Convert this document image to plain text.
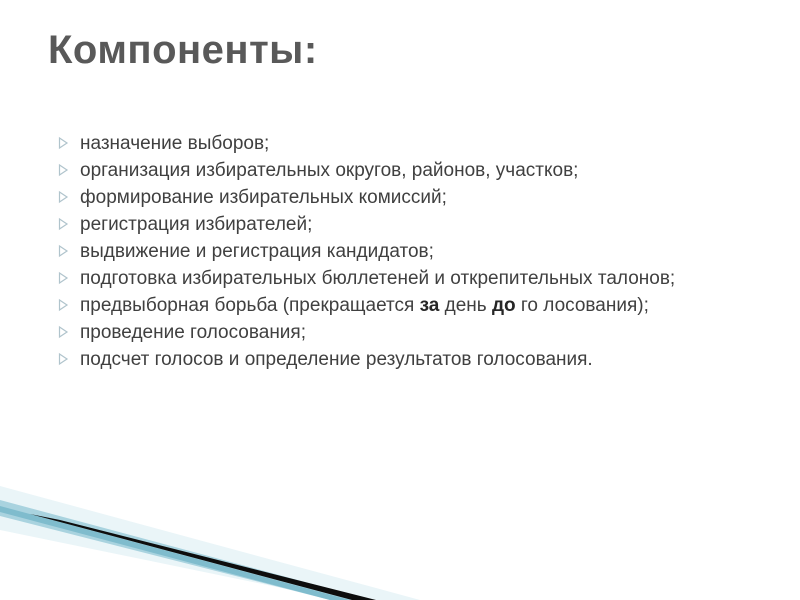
Компоненты:
назначение выборов;
организация избирательных округов, районов, участков;
формирование избирательных комиссий;
регистрация избирателей;
выдвижение и регистрация кандидатов;
подготовка избирательных бюллетеней и открепительных талонов;
предвыборная борьба (прекращается за день до го лосования);
проведение голосования;
подсчет голосов и определение результатов голосования.
